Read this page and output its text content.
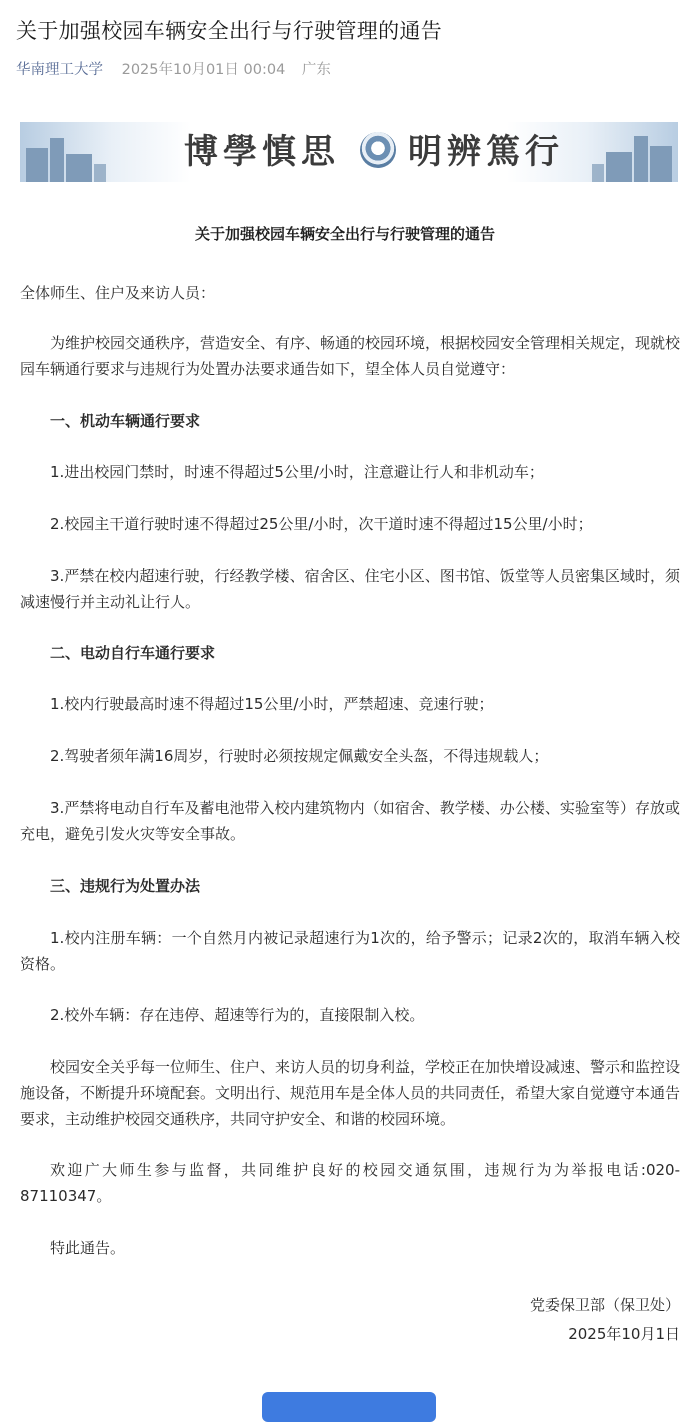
关于加强校园车辆安全出行与行驶管理的通告
华南理工大学 2025年10月01日 00:04 广东
博學慎思 明辨篤行
关于加强校园车辆安全出行与行驶管理的通告

全体师生、住户及来访人员：

为维护校园交通秩序，营造安全、有序、畅通的校园环境，根据校园安全管理相关规定，现就校园车辆通行要求与违规行为处置办法要求通告如下，望全体人员自觉遵守：

一、机动车辆通行要求

1.进出校园门禁时，时速不得超过5公里/小时，注意避让行人和非机动车；

2.校园主干道行驶时速不得超过25公里/小时，次干道时速不得超过15公里/小时；

3.严禁在校内超速行驶，行经教学楼、宿舍区、住宅小区、图书馆、饭堂等人员密集区域时，须减速慢行并主动礼让行人。

二、电动自行车通行要求

1.校内行驶最高时速不得超过15公里/小时，严禁超速、竞速行驶；

2.驾驶者须年满16周岁，行驶时必须按规定佩戴安全头盔，不得违规载人；

3.严禁将电动自行车及蓄电池带入校内建筑物内（如宿舍、教学楼、办公楼、实验室等）存放或充电，避免引发火灾等安全事故。

三、违规行为处置办法

1.校内注册车辆：一个自然月内被记录超速行为1次的，给予警示；记录2次的，取消车辆入校资格。

2.校外车辆：存在违停、超速等行为的，直接限制入校。

校园安全关乎每一位师生、住户、来访人员的切身利益，学校正在加快增设减速、警示和监控设施设备，不断提升环境配套。文明出行、规范用车是全体人员的共同责任，希望大家自觉遵守本通告要求，主动维护校园交通秩序，共同守护安全、和谐的校园环境。

欢迎广大师生参与监督，共同维护良好的校园交通氛围，违规行为为举报电话:020-87110347。

特此通告。

党委保卫部（保卫处）

2025年10月1日
